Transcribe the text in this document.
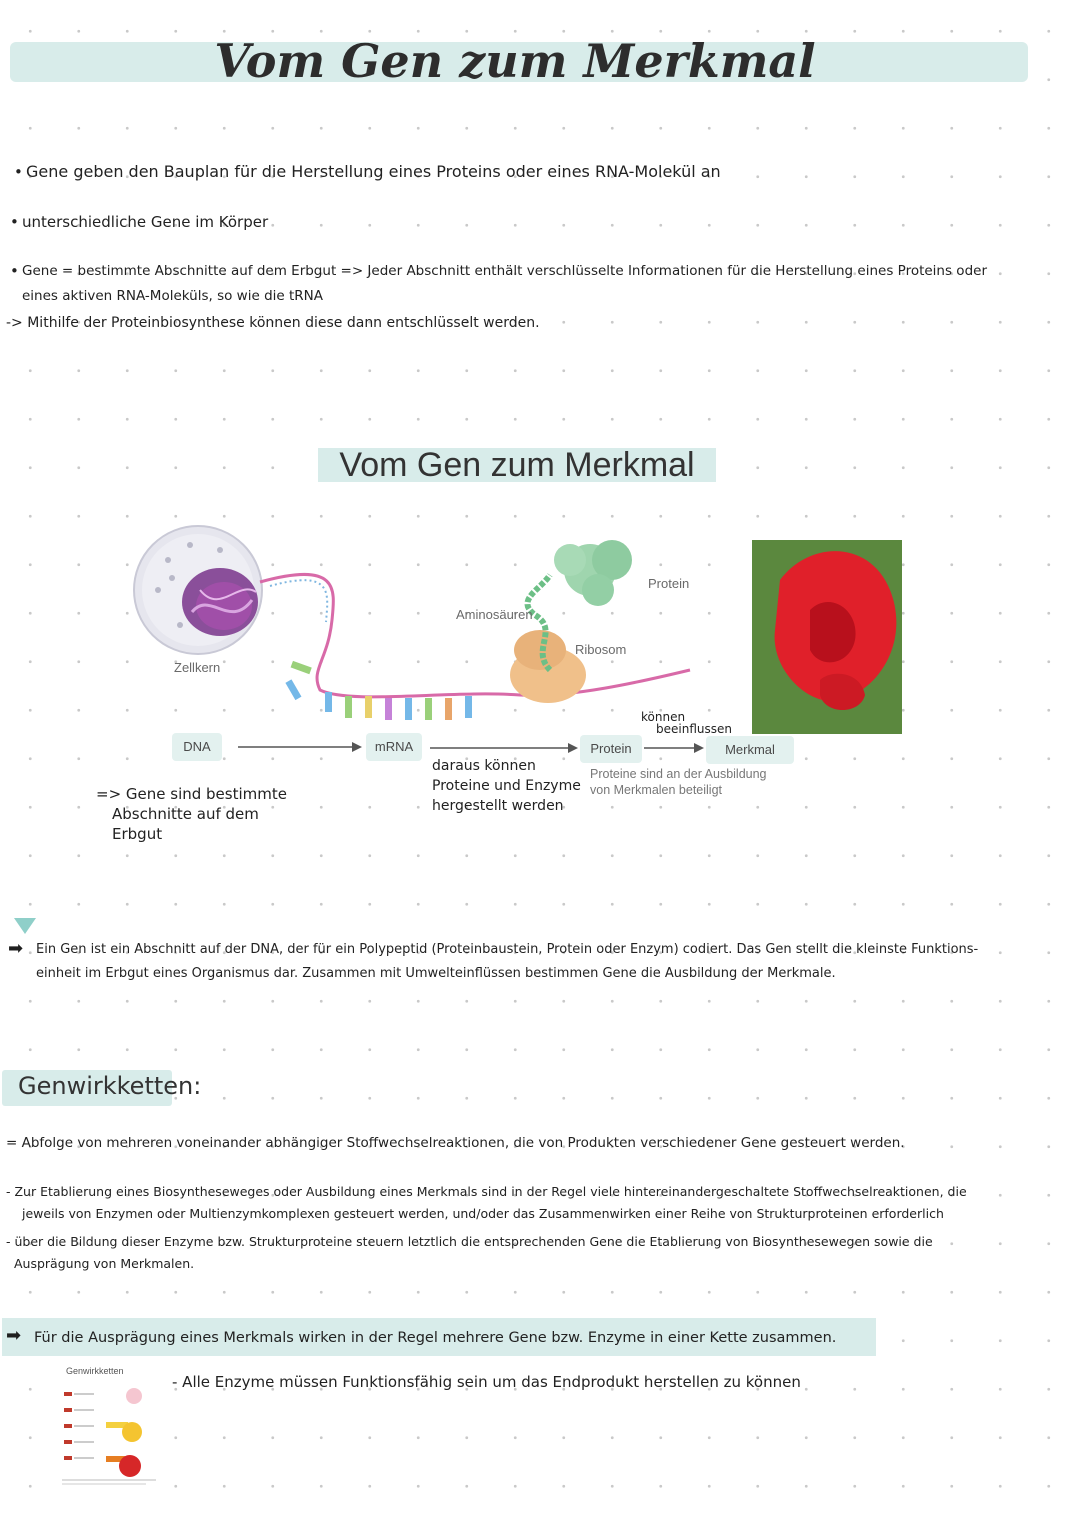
Vom Gen zum Merkmal
• Gene geben den Bauplan für die Herstellung eines Proteins oder eines RNA-Molekül an
• unterschiedliche Gene im Körper
• Gene = bestimmte Abschnitte auf dem Erbgut => Jeder Abschnitt enthält verschlüsselte Informationen für die Herstellung eines Proteins oder
eines aktiven RNA-Moleküls, so wie die tRNA
-> Mithilfe der Proteinbiosynthese können diese dann entschlüsselt werden.
Vom Gen zum Merkmal
Zellkern
Aminosäuren
Protein
Ribosom
DNA	mRNA	Protein	Merkmal
Proteine sind an der Ausbildung
von Merkmalen beteiligt
können
beeinflussen
daraus können
Proteine und Enzyme
hergestellt werden
=> Gene sind bestimmte
Abschnitte auf dem
Erbgut
➡ Ein Gen ist ein Abschnitt auf der DNA, der für ein Polypeptid (Proteinbaustein, Protein oder Enzym) codiert. Das Gen stellt die kleinste Funktions-
einheit im Erbgut eines Organismus dar. Zusammen mit Umwelteinflüssen bestimmen Gene die Ausbildung der Merkmale.
Genwirkketten:
= Abfolge von mehreren voneinander abhängiger Stoffwechselreaktionen, die von Produkten verschiedener Gene gesteuert werden.
- Zur Etablierung eines Biosyntheseweges oder Ausbildung eines Merkmals sind in der Regel viele hintereinandergeschaltete Stoffwechselreaktionen, die
jeweils von Enzymen oder Multienzymkomplexen gesteuert werden, und/oder das Zusammenwirken einer Reihe von Strukturproteinen erforderlich
- über die Bildung dieser Enzyme bzw. Strukturproteine steuern letztlich die entsprechenden Gene die Etablierung von Biosynthesewegen sowie die
Ausprägung von Merkmalen.
➡ Für die Ausprägung eines Merkmals wirken in der Regel mehrere Gene bzw. Enzyme in einer Kette zusammen.
Genwirkketten
- Alle Enzyme müssen Funktionsfähig sein um das Endprodukt herstellen zu können
